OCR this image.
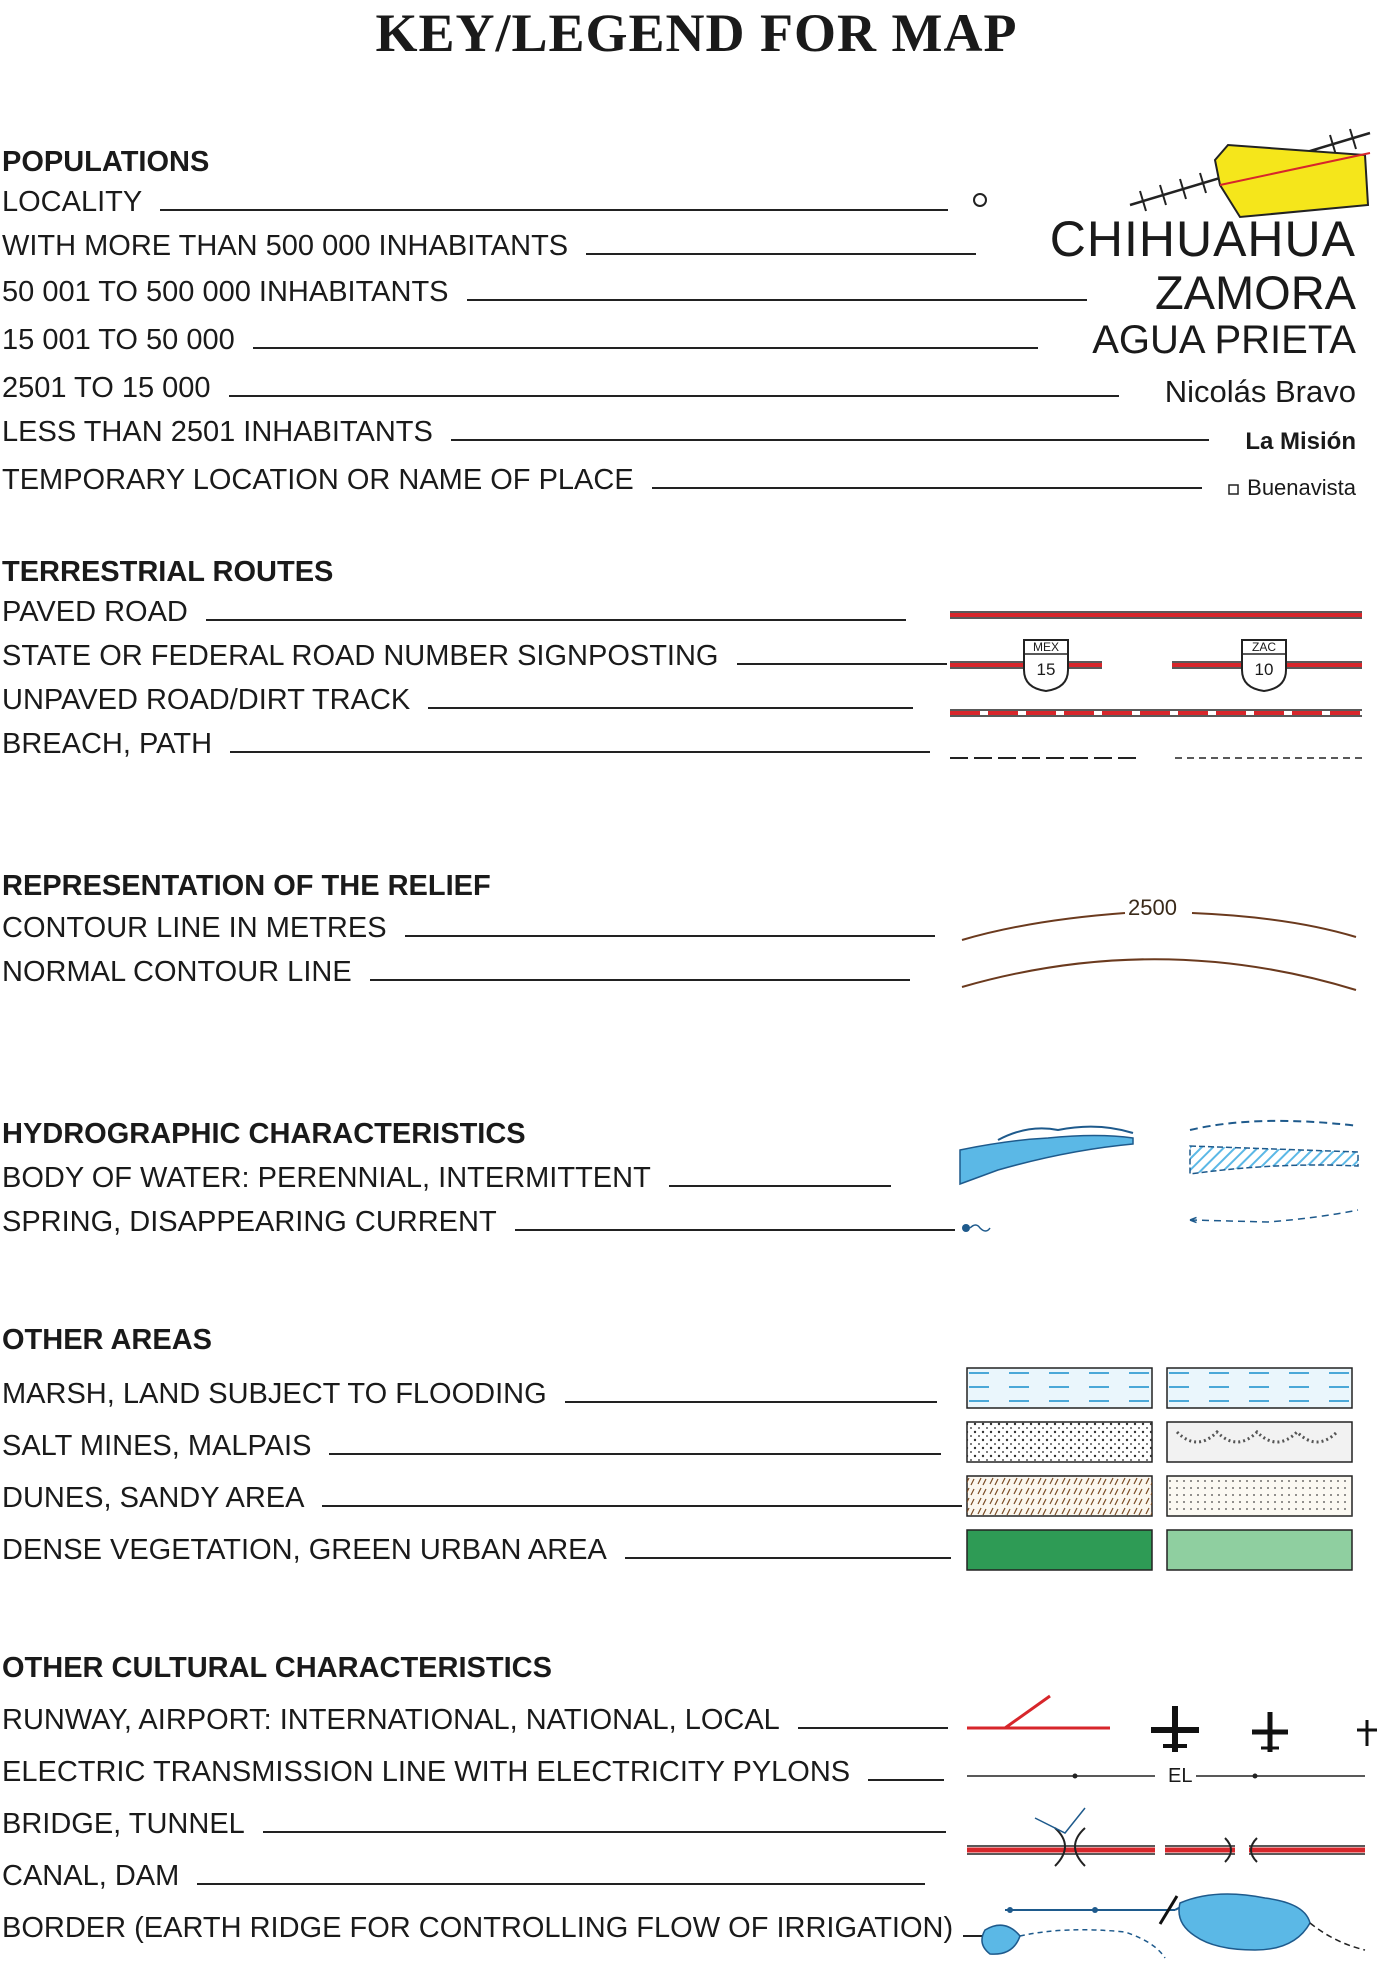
KEY/LEGEND FOR MAP
POPULATIONS
LOCALITY
WITH MORE THAN 500 000 INHABITANTS
50 001 TO 500 000 INHABITANTS
15 001 TO 50 000
2501 TO 15 000
LESS THAN 2501 INHABITANTS
TEMPORARY LOCATION OR NAME OF PLACE
CHIHUAHUA
ZAMORA
AGUA PRIETA
Nicolás Bravo
La Misión
Buenavista
TERRESTRIAL ROUTES
PAVED ROAD
STATE OR FEDERAL ROAD NUMBER SIGNPOSTING
UNPAVED ROAD/DIRT TRACK
BREACH, PATH
MEX
15
ZAC
10
REPRESENTATION OF THE RELIEF
CONTOUR LINE IN METRES
NORMAL CONTOUR LINE
2500
HYDROGRAPHIC CHARACTERISTICS
BODY OF WATER: PERENNIAL, INTERMITTENT
SPRING, DISAPPEARING CURRENT
OTHER AREAS
MARSH, LAND SUBJECT TO FLOODING
SALT MINES, MALPAIS
DUNES, SANDY AREA
DENSE VEGETATION, GREEN URBAN AREA
OTHER CULTURAL CHARACTERISTICS
RUNWAY, AIRPORT: INTERNATIONAL, NATIONAL, LOCAL
ELECTRIC TRANSMISSION LINE WITH ELECTRICITY PYLONS
BRIDGE, TUNNEL
CANAL, DAM
BORDER (EARTH RIDGE FOR CONTROLLING FLOW OF IRRIGATION)
EL
